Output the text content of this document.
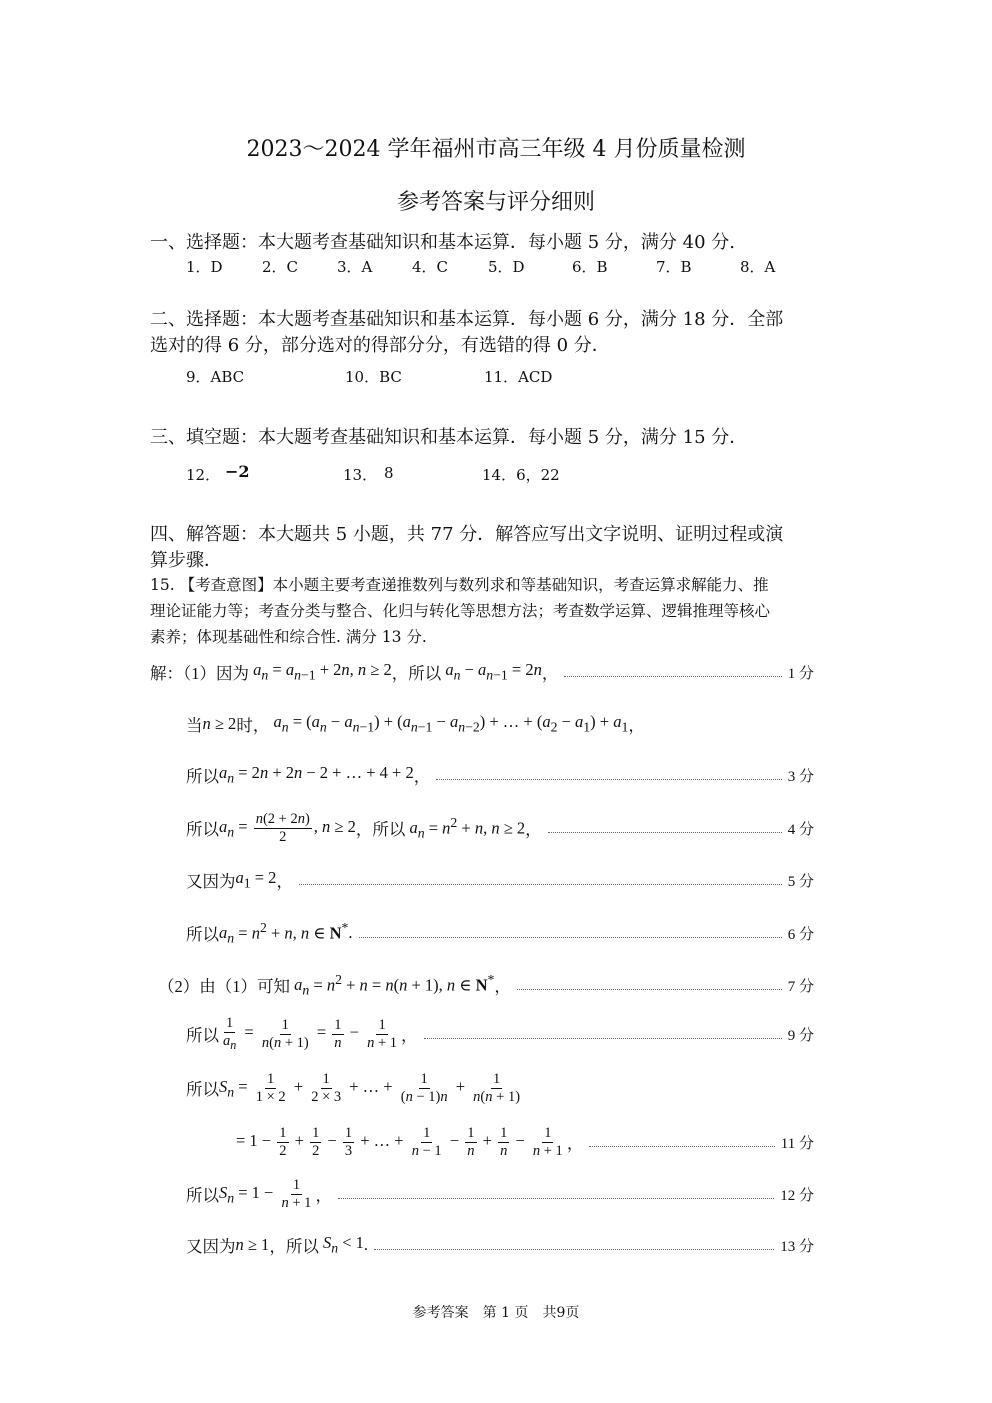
2023～2024 学年福州市高三年级 4 月份质量检测
参考答案与评分细则
一、选择题：本大题考查基础知识和基本运算．每小题 5 分，满分 40 分.
1．D	2．C	3．A	4．C	5．D	6．B	7．B	8．A
二、选择题：本大题考查基础知识和基本运算．每小题 6 分，满分 18 分．全部
选对的得 6 分，部分选对的得部分分，有选错的得 0 分．
9．ABC	10．BC	11．ACD
三、填空题：本大题考查基础知识和基本运算．每小题 5 分，满分 15 分．
12． −2	13． 8	14．6，22
四、解答题：本大题共 5 小题，共 77 分．解答应写出文字说明、证明过程或演
算步骤．
15. 【考查意图】本小题主要考查递推数列与数列求和等基础知识，考查运算求解能力、推
理论证能力等；考查分类与整合、化归与转化等思想方法；考查数学运算、逻辑推理等核心
素养；体现基础性和综合性. 满分 13 分.
解：（1）因为 $a_n = a_{n-1} + 2n$, n ≥ 2 ， 所以 $a_n - a_{n-1} = 2n$ ，	1 分
当 n ≥ 2 时， $a_n = (a_n - a_{n-1}) + (a_{n-1} - a_{n-2})$ + … + $(a_2 - a_1) + a_1$ ，
所以 $a_n = 2n + 2n - 2$ + … + 4 + 2 ，	3 分
所以 $a_n = \frac{n(2 + 2n)}{2}$ , n ≥ 2 ， 所以 $a_n = n^2 + n$, n ≥ 2 ，	4 分
又因为 $a_1 = 2$ ，	5 分
所以 $a_n = n^2 + n$, n ∈ N* .	6 分
（2）由（1）可知 $a_n = n^2 + n = n(n + 1)$, n ∈ N* ，	7 分
所以 $\frac{1}{a_n} = \frac{1}{n(n + 1)} = \frac{1}{n} - \frac{1}{n + 1}$ ，	9 分
所以 $S_n = \frac{1}{1 \times 2} + \frac{1}{2 \times 3}$ + … + $\frac{1}{(n - 1)n} + \frac{1}{n(n + 1)}$
= $1 - \frac{1}{2} + \frac{1}{2} - \frac{1}{3}$ + … + $\frac{1}{n - 1} - \frac{1}{n} + \frac{1}{n} - \frac{1}{n + 1}$ ，	11 分
所以 $S_n = 1 - \frac{1}{n + 1}$ ，	12 分
又因为 n ≥ 1 ， 所以 $S_n < 1$ .	13 分
参考答案　第 1 页　共9页
